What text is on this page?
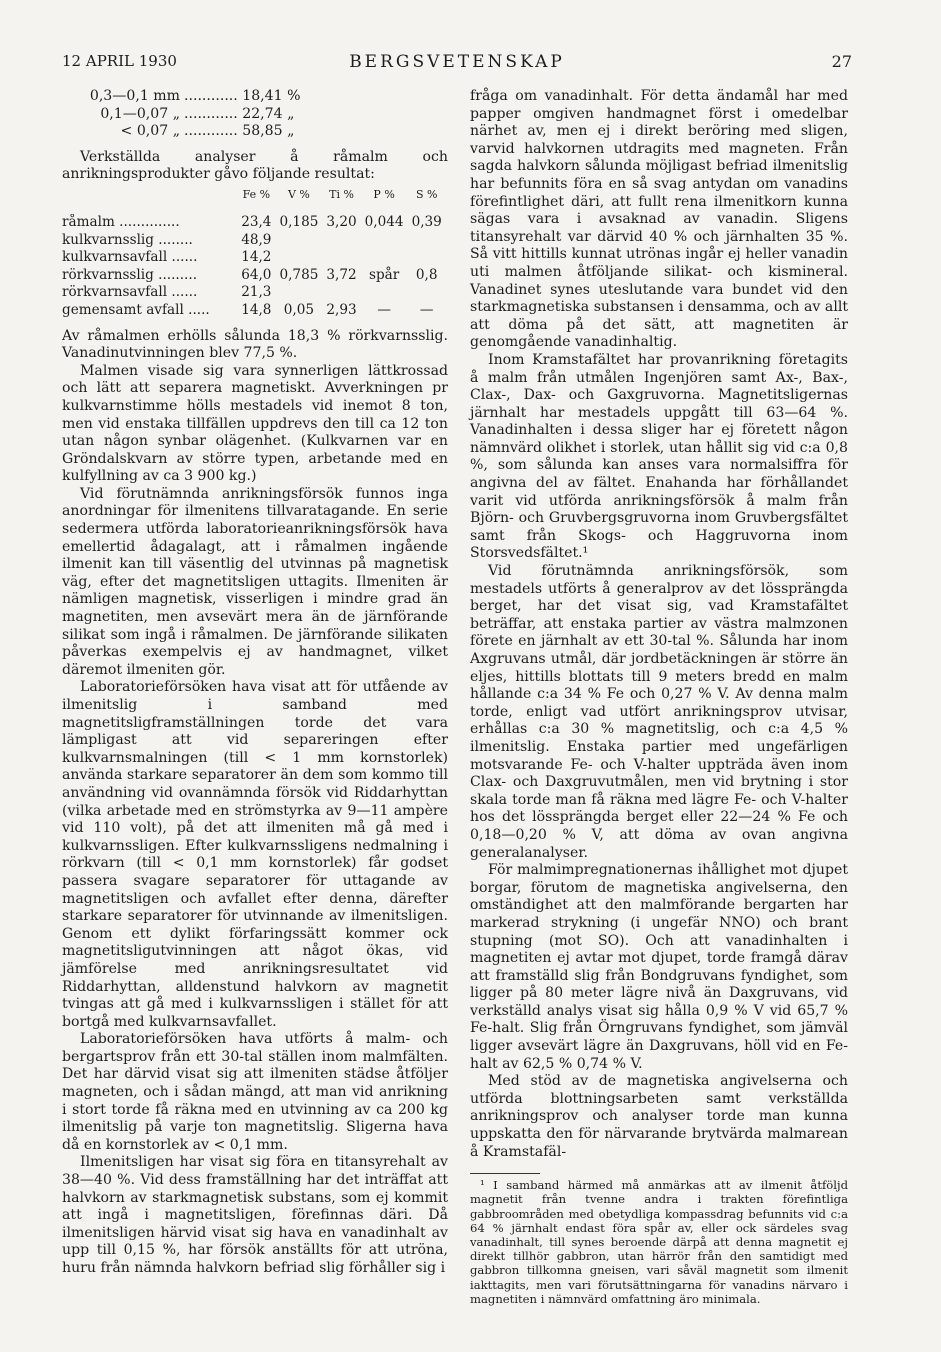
12 APRIL 1930	BERGSVETENSKAP	27
0,3—0,1 mm ............ 18,41 %
0,1—0,07 „ ............ 22,74 „
< 0,07 „ ............ 58,85 „

Verkställda analyser å råmalm och anrikningsprodukter gåvo följande resultat:

Fe %	V %	Ti %	P %	S %
råmalm ..............	23,4 0,185 3,20 0,044 0,39
kulkvarnsslig ........	48,9
kulkvarnsavfall ......	14,2
rörkvarnsslig .........	64,0 0,785 3,72 spår	0,8
rörkvarnsavfall ......	21,3
gemensamt avfall .....	14,8 0,05 2,93	—	—

Av råmalmen erhölls sålunda 18,3 % rörkvarnsslig. Vanadinutvinningen blev 77,5 %.

Malmen visade sig vara synnerligen lättkrossad och lätt att separera magnetiskt. Avverkningen pr kulkvarnstimme hölls mestadels vid inemot 8 ton, men vid enstaka tillfällen uppdrevs den till ca 12 ton utan någon synbar olägenhet. (Kulkvarnen var en Gröndalskvarn av större typen, arbetande med en kulfyllning av ca 3 900 kg.)

Vid förutnämnda anrikningsförsök funnos inga anordningar för ilmenitens tillvaratagande. En serie sedermera utförda laboratorieanrikningsförsök hava emellertid ådagalagt, att i råmalmen ingående ilmenit kan till väsentlig del utvinnas på magnetisk väg, efter det magnetitsligen uttagits. Ilmeniten är nämligen magnetisk, visserligen i mindre grad än magnetiten, men avsevärt mera än de järnförande silikat som ingå i råmalmen. De järnförande silikaten påverkas exempelvis ej av handmagnet, vilket däremot ilmeniten gör.

Laboratorieförsöken hava visat att för utfående av ilmenitslig i samband med magnetitsligframställningen torde det vara lämpligast att vid separeringen efter kulkvarnsmalningen (till < 1 mm kornstorlek) använda starkare separatorer än dem som kommo till användning vid ovannämnda försök vid Riddarhyttan (vilka arbetade med en strömstyrka av 9—11 ampère vid 110 volt), på det att ilmeniten må gå med i kulkvarnssligen. Efter kulkvarnssligens nedmalning i rörkvarn (till < 0,1 mm kornstorlek) får godset passera svagare separatorer för uttagande av magnetitsligen och avfallet efter denna, därefter starkare separatorer för utvinnande av ilmenitsligen. Genom ett dylikt förfaringssätt kommer ock magnetitsligutvinningen att något ökas, vid jämförelse med anrikningsresultatet vid Riddarhyttan, alldenstund halvkorn av magnetit tvingas att gå med i kulkvarnssligen i stället för att bortgå med kulkvarnsavfallet.

Laboratorieförsöken hava utförts å malm- och bergartsprov från ett 30-tal ställen inom malmfälten. Det har därvid visat sig att ilmeniten städse åtföljer magneten, och i sådan mängd, att man vid anrikning i stort torde få räkna med en utvinning av ca 200 kg ilmenitslig på varje ton magnetitslig. Sligerna hava då en kornstorlek av < 0,1 mm.

Ilmenitsligen har visat sig föra en titansyrehalt av 38—40 %. Vid dess framställning har det inträffat att halvkorn av starkmagnetisk substans, som ej kommit att ingå i magnetitsligen, förefinnas däri. Då ilmenitsligen härvid visat sig hava en vanadinhalt av upp till 0,15 %, har försök anställts för att utröna, huru från nämnda halvkorn befriad slig förhåller sig i

fråga om vanadinhalt. För detta ändamål har med papper omgiven handmagnet först i omedelbar närhet av, men ej i direkt beröring med sligen, varvid halvkornen utdragits med magneten. Från sagda halvkorn sålunda möjligast befriad ilmenitslig har befunnits föra en så svag antydan om vanadins förefintlighet däri, att fullt rena ilmenitkorn kunna sägas vara i avsaknad av vanadin. Sligens titansyrehalt var därvid 40 % och järnhalten 35 %. Så vitt hittills kunnat utrönas ingår ej heller vanadin uti malmen åtföljande silikat- och kismineral. Vanadinet synes uteslutande vara bundet vid den starkmagnetiska substansen i densamma, och av allt att döma på det sätt, att magnetiten är genomgående vanadinhaltig.

Inom Kramstafältet har provanrikning företagits å malm från utmålen Ingenjören samt Ax-, Bax-, Clax-, Dax- och Gaxgruvorna. Magnetitsligernas järnhalt har mestadels uppgått till 63—64 %. Vanadinhalten i dessa sliger har ej företett någon nämnvärd olikhet i storlek, utan hållit sig vid c:a 0,8 %, som sålunda kan anses vara normalsiffra för angivna del av fältet. Enahanda har förhållandet varit vid utförda anrikningsförsök å malm från Björn- och Gruvbergsgruvorna inom Gruvbergsfältet samt från Skogs- och Haggruvorna inom Storsvedsfältet.¹

Vid förutnämnda anrikningsförsök, som mestadels utförts å generalprov av det lössprängda berget, har det visat sig, vad Kramstafältet beträffar, att enstaka partier av västra malmzonen förete en järnhalt av ett 30-tal %. Sålunda har inom Axgruvans utmål, där jordbetäckningen är större än eljes, hittills blottats till 9 meters bredd en malm hållande c:a 34 % Fe och 0,27 % V. Av denna malm torde, enligt vad utfört anrikningsprov utvisar, erhållas c:a 30 % magnetitslig, och c:a 4,5 % ilmenitslig. Enstaka partier med ungefärligen motsvarande Fe- och V-halter uppträda även inom Clax- och Daxgruvutmålen, men vid brytning i stor skala torde man få räkna med lägre Fe- och V-halter hos det lössprängda berget eller 22—24 % Fe och 0,18—0,20 % V, att döma av ovan angivna generalanalyser.

För malmimpregnationernas ihållighet mot djupet borgar, förutom de magnetiska angivelserna, den omständighet att den malmförande bergarten har markerad strykning (i ungefär NNO) och brant stupning (mot SO). Och att vanadinhalten i magnetiten ej avtar mot djupet, torde framgå därav att framställd slig från Bondgruvans fyndighet, som ligger på 80 meter lägre nivå än Daxgruvans, vid verkställd analys visat sig hålla 0,9 % V vid 65,7 % Fe-halt. Slig från Örngruvans fyndighet, som jämväl ligger avsevärt lägre än Daxgruvans, höll vid en Fe-halt av 62,5 % 0,74 % V.

Med stöd av de magnetiska angivelserna och utförda blottningsarbeten samt verkställda anrikningsprov och analyser torde man kunna uppskatta den för närvarande brytvärda malmarean å Kramstafäl-

¹ I samband härmed må anmärkas att av ilmenit åtföljd magnetit från tvenne andra i trakten förefintliga gabbroområden med obetydliga kompassdrag befunnits vid c:a 64 % järnhalt endast föra spår av, eller ock särdeles svag vanadinhalt, till synes beroende därpå att denna magnetit ej direkt tillhör gabbron, utan härrör från den samtidigt med gabbron tillkomna gneisen, vari såväl magnetit som ilmenit iakttagits, men vari förutsättningarna för vanadins närvaro i magnetiten i nämnvärd omfattning äro minimala.
